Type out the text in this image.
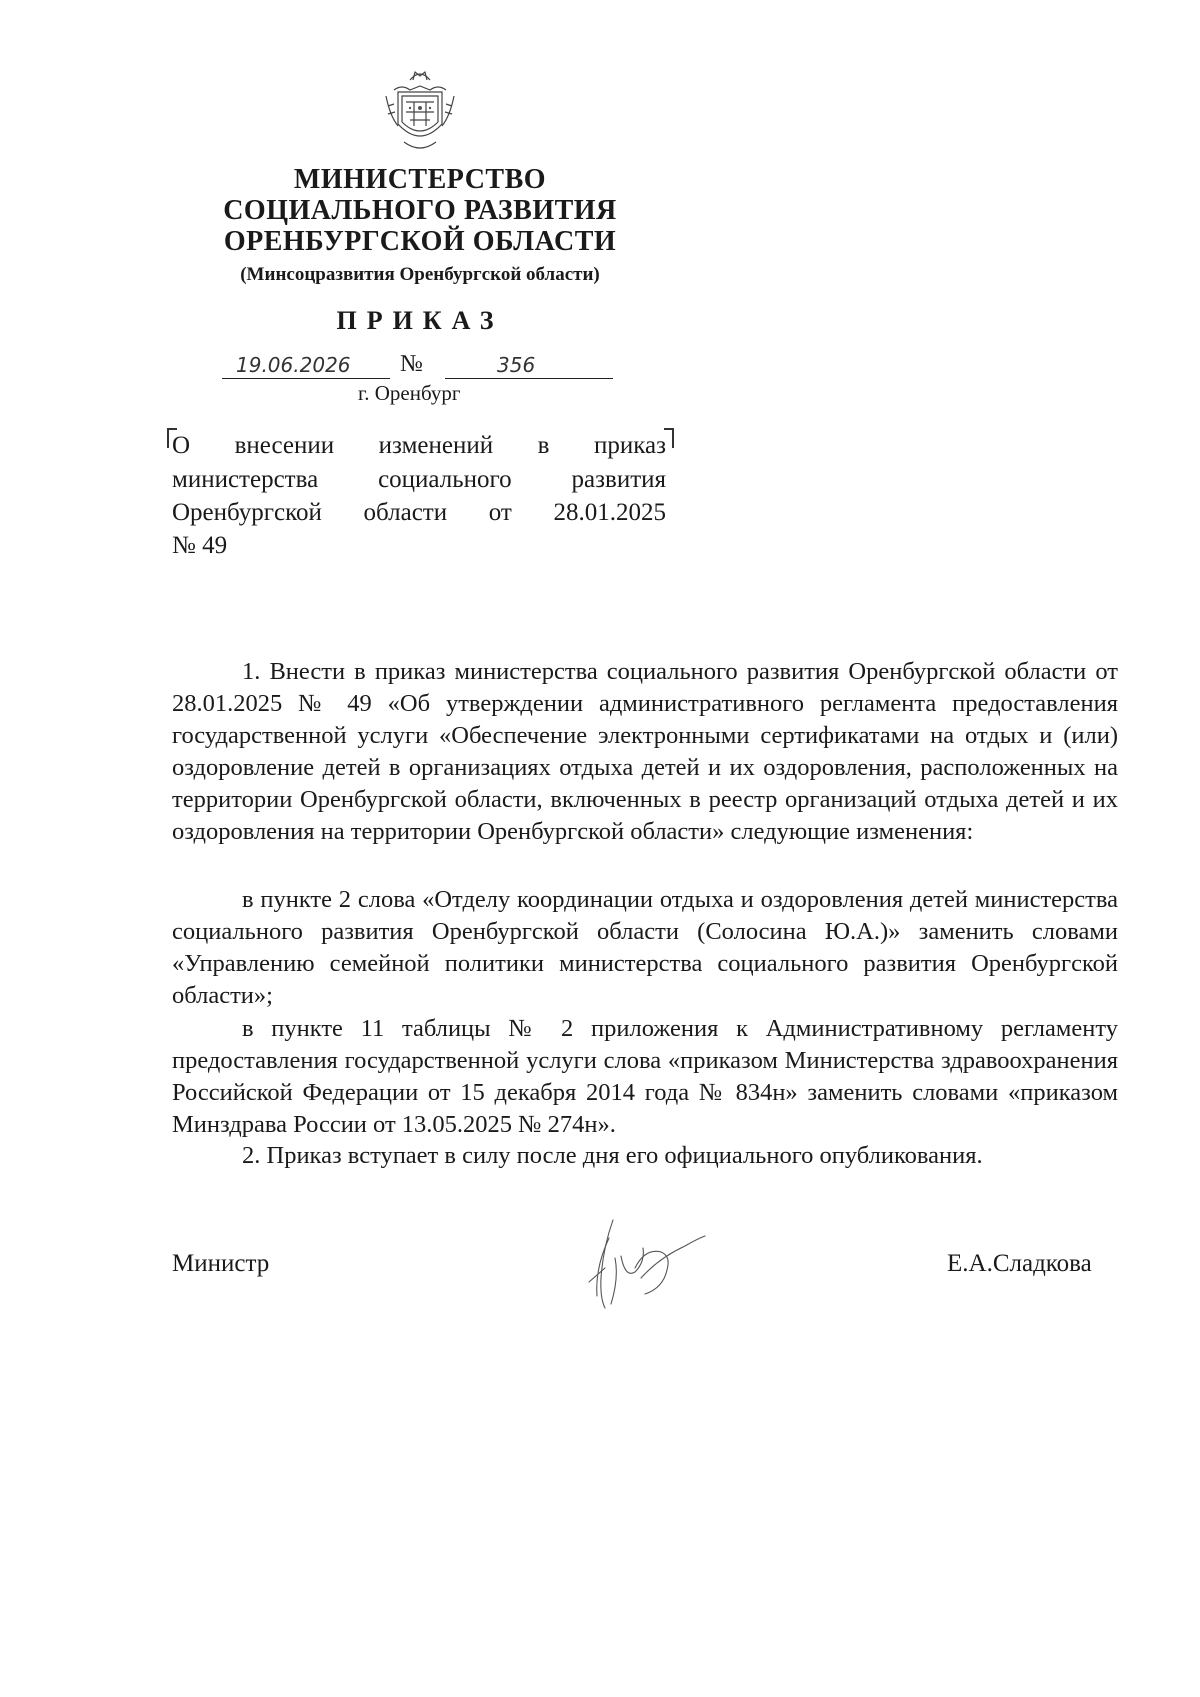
МИНИСТЕРСТВО
СОЦИАЛЬНОГО РАЗВИТИЯ
ОРЕНБУРГСКОЙ ОБЛАСТИ
(Минсоцразвития Оренбургской области)
ПРИКАЗ
19.06.2026 №	356
г. Оренбург
О внесении изменений в приказ
министерства социального развития
Оренбургской области от 28.01.2025
№ 49

1. Внести в приказ министерства социального развития Оренбургской области от 28.01.2025 № 49 «Об утверждении административного регламента предоставления государственной услуги «Обеспечение электронными сертификатами на отдых и (или) оздоровление детей в организациях отдыха детей и их оздоровления, расположенных на территории Оренбургской области, включенных в реестр организаций отдыха детей и их оздоровления на территории Оренбургской области» следующие изменения:

в пункте 2 слова «Отделу координации отдыха и оздоровления детей министерства социального развития Оренбургской области (Солосина Ю.А.)» заменить словами «Управлению семейной политики министерства социального развития Оренбургской области»;

в пункте 11 таблицы № 2 приложения к Административному регламенту предоставления государственной услуги слова «приказом Министерства здравоохранения Российской Федерации от 15 декабря 2014 года № 834н» заменить словами «приказом Минздрава России от 13.05.2025 № 274н».

2. Приказ вступает в силу после дня его официального опубликования.

Министр	Е.А.Сладкова
